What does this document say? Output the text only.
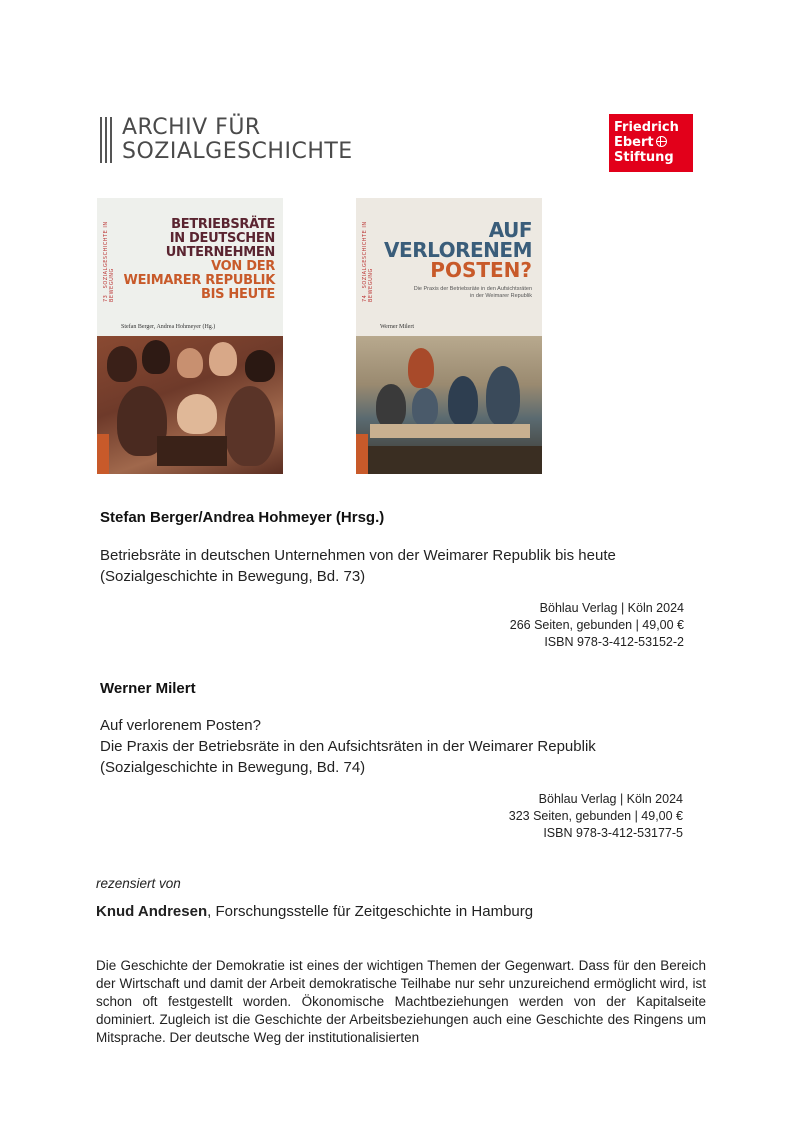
ARCHIV FÜR
SOZIALGESCHICHTE
Friedrich
Ebert
Stiftung
73   SOZIALGESCHICHTE IN BEWEGUNG
BETRIEBSRÄTE
IN DEUTSCHEN
UNTERNEHMEN
VON DER
WEIMARER REPUBLIK
BIS HEUTE
Stefan Berger, Andrea Hohmeyer (Hg.)
74   SOZIALGESCHICHTE IN BEWEGUNG
AUF
VERLORENEM
POSTEN?
Die Praxis der Betriebsräte in den Aufsichtsräten
in der Weimarer Republik
Werner Milert
Stefan Berger/Andrea Hohmeyer (Hrsg.)
Betriebsräte in deutschen Unternehmen von der Weimarer Republik bis heute
(Sozialgeschichte in Bewegung, Bd. 73)
Böhlau Verlag | Köln 2024
266 Seiten, gebunden | 49,00 €
ISBN 978-3-412-53152-2
Werner Milert
Auf verlorenem Posten?
Die Praxis der Betriebsräte in den Aufsichtsräten in der Weimarer Republik
(Sozialgeschichte in Bewegung, Bd. 74)
Böhlau Verlag | Köln 2024
323 Seiten, gebunden | 49,00 €
ISBN 978-3-412-53177-5
rezensiert von
Knud Andresen, Forschungsstelle für Zeitgeschichte in Hamburg
Die Geschichte der Demokratie ist eines der wichtigen Themen der Gegenwart. Dass für den Bereich der Wirtschaft und damit der Arbeit demokratische Teilhabe nur sehr unzureichend ermöglicht wird, ist schon oft festgestellt worden. Ökonomische Machtbeziehungen werden von der Kapitalseite dominiert. Zugleich ist die Geschichte der Arbeitsbeziehungen auch eine Geschichte des Ringens um Mitsprache. Der deutsche Weg der institutionalisierten
